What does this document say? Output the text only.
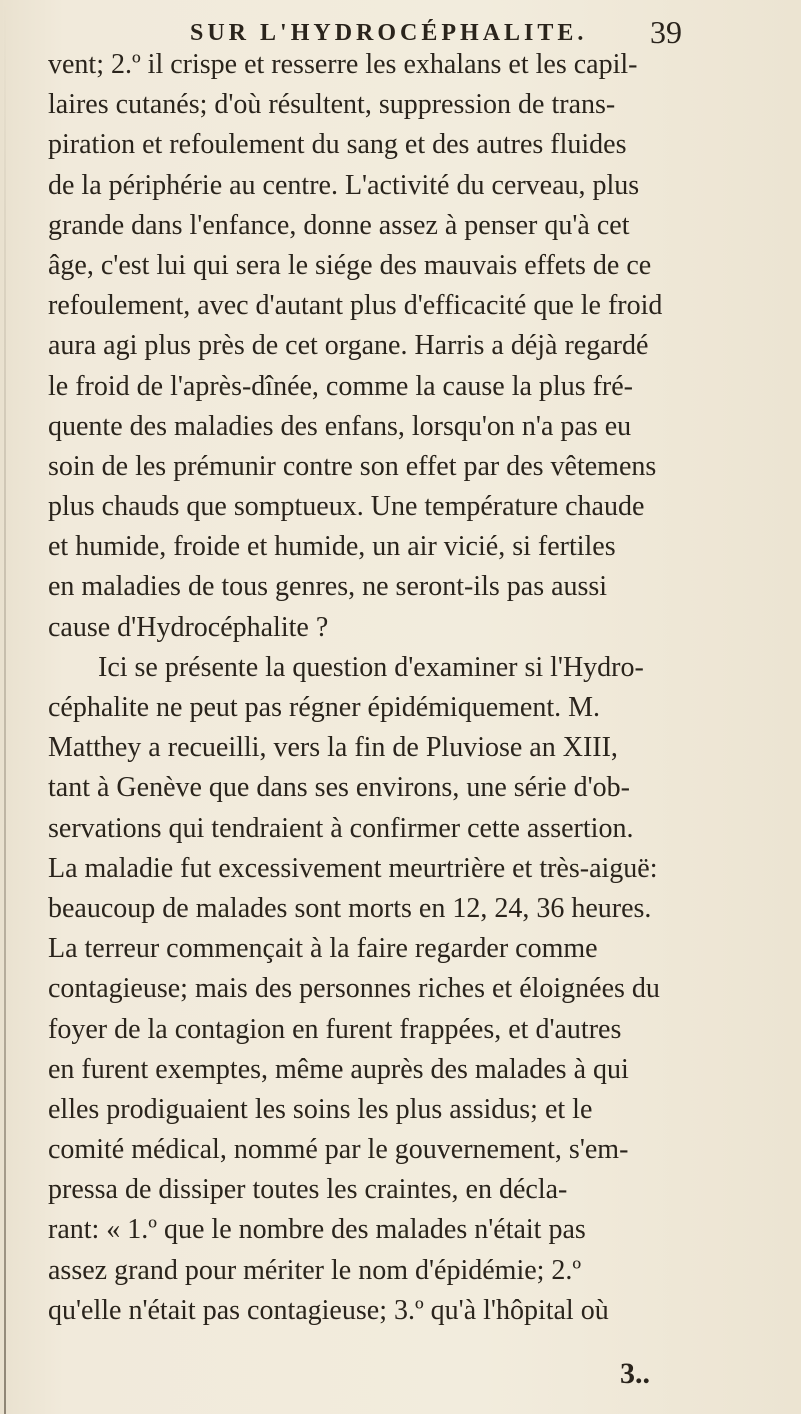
SUR L'HYDROCÉPHALITE. 39
vent; 2.º il crispe et resserre les exhalans et les capil-
laires cutanés; d'où résultent, suppression de trans-
piration et refoulement du sang et des autres fluides
de la périphérie au centre. L'activité du cerveau, plus
grande dans l'enfance, donne assez à penser qu'à cet
âge, c'est lui qui sera le siége des mauvais effets de ce
refoulement, avec d'autant plus d'efficacité que le froid
aura agi plus près de cet organe. Harris a déjà regardé
le froid de l'après-dînée, comme la cause la plus fré-
quente des maladies des enfans, lorsqu'on n'a pas eu
soin de les prémunir contre son effet par des vêtemens
plus chauds que somptueux. Une température chaude
et humide, froide et humide, un air vicié, si fertiles
en maladies de tous genres, ne seront-ils pas aussi
cause d'Hydrocéphalite ?
Ici se présente la question d'examiner si l'Hydro-
céphalite ne peut pas régner épidémiquement. M.
Matthey a recueilli, vers la fin de Pluviose an XIII,
tant à Genève que dans ses environs, une série d'ob-
servations qui tendraient à confirmer cette assertion.
La maladie fut excessivement meurtrière et très-aiguë:
beaucoup de malades sont morts en 12, 24, 36 heures.
La terreur commençait à la faire regarder comme
contagieuse; mais des personnes riches et éloignées du
foyer de la contagion en furent frappées, et d'autres
en furent exemptes, même auprès des malades à qui
elles prodiguaient les soins les plus assidus; et le
comité médical, nommé par le gouvernement, s'em-
pressa de dissiper toutes les craintes, en décla-
rant: « 1.º que le nombre des malades n'était pas
assez grand pour mériter le nom d'épidémie; 2.º
qu'elle n'était pas contagieuse; 3.º qu'à l'hôpital où
3..
